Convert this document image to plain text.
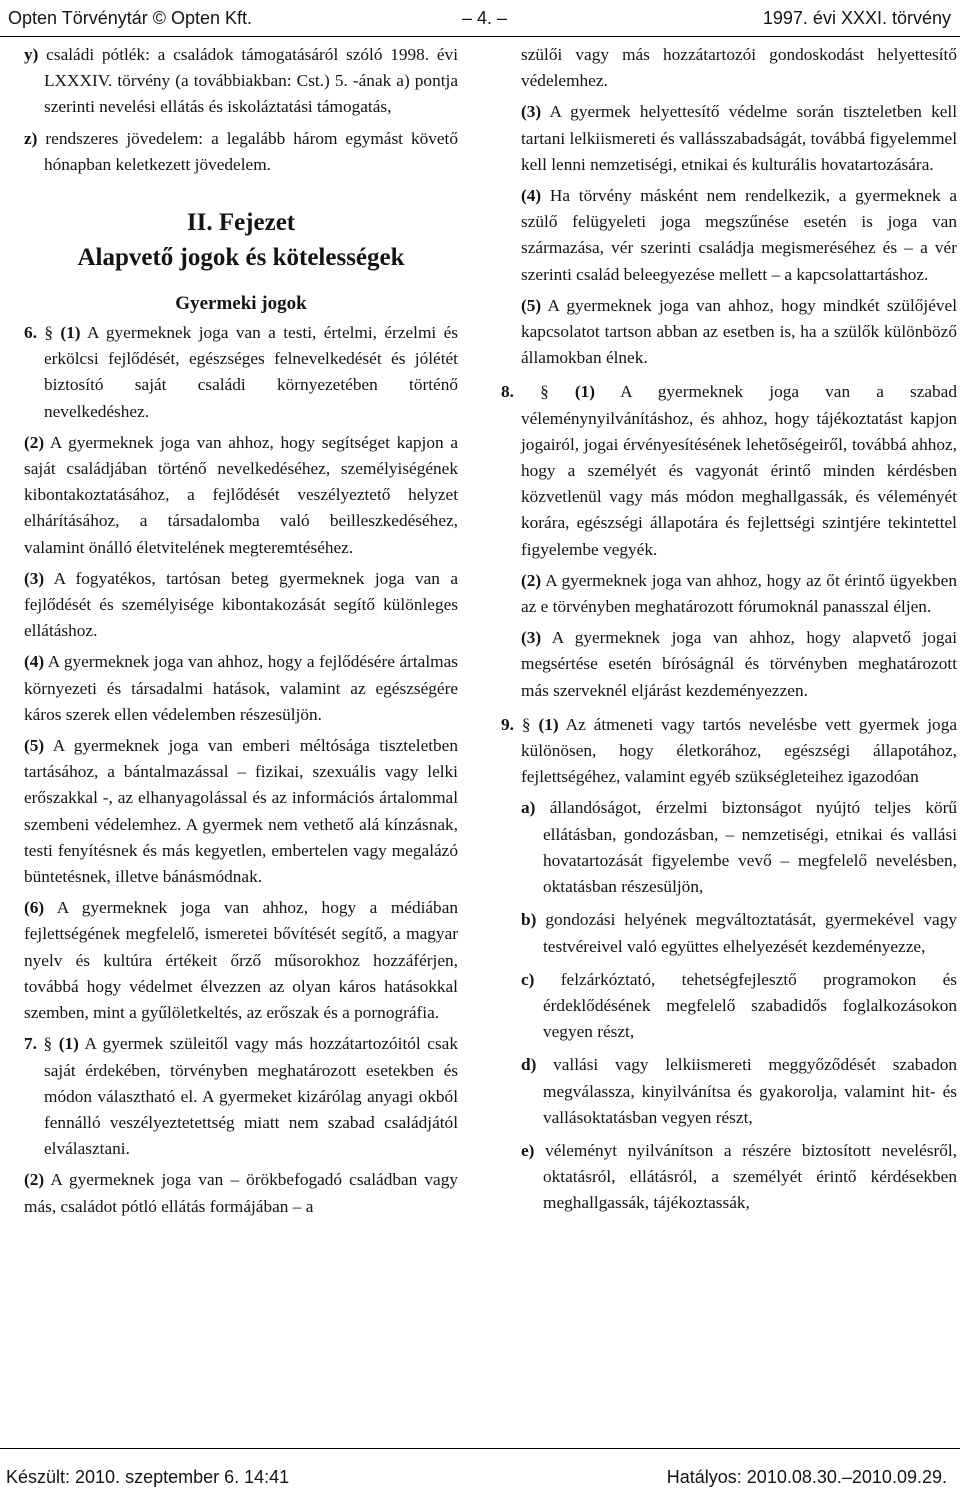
Opten Törvénytár © Opten Kft.	– 4. –	1997. évi XXXI. törvény

y) családi pótlék: a családok támogatásáról szóló 1998. évi LXXXIV. törvény (a továbbiakban: Cst.) 5. -ának a) pontja szerinti nevelési ellátás és iskoláztatási támogatás,

z) rendszeres jövedelem: a legalább három egymást követő hónapban keletkezett jövedelem.

II. Fejezet
Alapvető jogok és kötelességek
Gyermeki jogok

6. § (1) A gyermeknek joga van a testi, értelmi, érzelmi és erkölcsi fejlődését, egészséges felnevelkedését és jólétét biztosító saját családi környezetében történő nevelkedéshez.

(2) A gyermeknek joga van ahhoz, hogy segítséget kapjon a saját családjában történő nevelkedéséhez, személyiségének kibontakoztatásához, a fejlődését veszélyeztető helyzet elhárításához, a társadalomba való beilleszkedéséhez, valamint önálló életvitelének megteremtéséhez.

(3) A fogyatékos, tartósan beteg gyermeknek joga van a fejlődését és személyisége kibontakozását segítő különleges ellátáshoz.

(4) A gyermeknek joga van ahhoz, hogy a fejlődésére ártalmas környezeti és társadalmi hatások, valamint az egészségére káros szerek ellen védelemben részesüljön.

(5) A gyermeknek joga van emberi méltósága tiszteletben tartásához, a bántalmazással – fizikai, szexuális vagy lelki erőszakkal -, az elhanyagolással és az információs ártalommal szembeni védelemhez. A gyermek nem vethető alá kínzásnak, testi fenyítésnek és más kegyetlen, embertelen vagy megalázó büntetésnek, illetve bánásmódnak.

(6) A gyermeknek joga van ahhoz, hogy a médiában fejlettségének megfelelő, ismeretei bővítését segítő, a magyar nyelv és kultúra értékeit őrző műsorokhoz hozzáférjen, továbbá hogy védelmet élvezzen az olyan káros hatásokkal szemben, mint a gyűlöletkeltés, az erőszak és a pornográfia.

7. § (1) A gyermek szüleitől vagy más hozzátartozóitól csak saját érdekében, törvényben meghatározott esetekben és módon választható el. A gyermeket kizárólag anyagi okból fennálló veszélyeztetettség miatt nem szabad családjától elválasztani.

(2) A gyermeknek joga van – örökbefogadó családban vagy más, családot pótló ellátás formájában – a

szülői vagy más hozzátartozói gondoskodást helyettesítő védelemhez.

(3) A gyermek helyettesítő védelme során tiszteletben kell tartani lelkiismereti és vallásszabadságát, továbbá figyelemmel kell lenni nemzetiségi, etnikai és kulturális hovatartozására.

(4) Ha törvény másként nem rendelkezik, a gyermeknek a szülő felügyeleti joga megszűnése esetén is joga van származása, vér szerinti családja megismeréséhez és – a vér szerinti család beleegyezése mellett – a kapcsolattartáshoz.

(5) A gyermeknek joga van ahhoz, hogy mindkét szülőjével kapcsolatot tartson abban az esetben is, ha a szülők különböző államokban élnek.

8. § (1) A gyermeknek joga van a szabad véleménynyilvánításhoz, és ahhoz, hogy tájékoztatást kapjon jogairól, jogai érvényesítésének lehetőségeiről, továbbá ahhoz, hogy a személyét és vagyonát érintő minden kérdésben közvetlenül vagy más módon meghallgassák, és véleményét korára, egészségi állapotára és fejlettségi szintjére tekintettel figyelembe vegyék.

(2) A gyermeknek joga van ahhoz, hogy az őt érintő ügyekben az e törvényben meghatározott fórumoknál panasszal éljen.

(3) A gyermeknek joga van ahhoz, hogy alapvető jogai megsértése esetén bíróságnál és törvényben meghatározott más szerveknél eljárást kezdeményezzen.

9. § (1) Az átmeneti vagy tartós nevelésbe vett gyermek joga különösen, hogy életkorához, egészségi állapotához, fejlettségéhez, valamint egyéb szükségleteihez igazodóan

a) állandóságot, érzelmi biztonságot nyújtó teljes körű ellátásban, gondozásban, – nemzetiségi, etnikai és vallási hovatartozását figyelembe vevő – megfelelő nevelésben, oktatásban részesüljön,

b) gondozási helyének megváltoztatását, gyermekével vagy testvéreivel való együttes elhelyezését kezdeményezze,

c) felzárkóztató, tehetségfejlesztő programokon és érdeklődésének megfelelő szabadidős foglalkozásokon vegyen részt,

d) vallási vagy lelkiismereti meggyőződését szabadon megválassza, kinyilvánítsa és gyakorolja, valamint hit- és vallásoktatásban vegyen részt,

e) véleményt nyilvánítson a részére biztosított nevelésről, oktatásról, ellátásról, a személyét érintő kérdésekben meghallgassák, tájékoztassák,

Készült: 2010. szeptember 6. 14:41	Hatályos: 2010.08.30.–2010.09.29.
